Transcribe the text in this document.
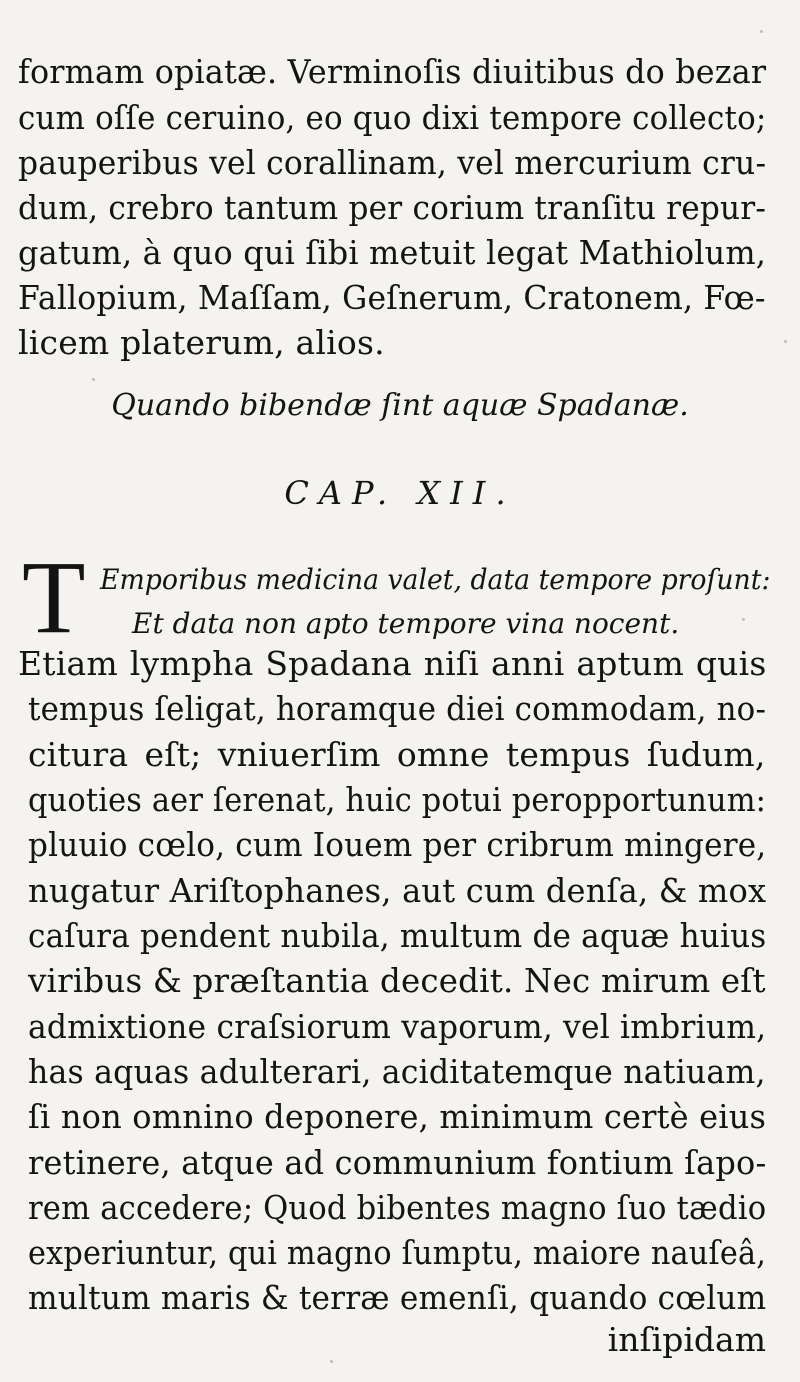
formam opiatæ. Verminoſis diuitibus do bezar
cum oſſe ceruino, eo quo dixi tempore collecto;
pauperibus vel corallinam, vel mercurium cru-
dum, crebro tantum per corium tranſitu repur-
gatum, à quo qui ſibi metuit legat Mathiolum,
Fallopium, Maſſam, Geſnerum, Cratonem, Fœ-
licem platerum, alios.
Quando bibendæ ſint aquæ Spadanæ.
CAP. XII.
T Emporibus medicina valet, data tempore proſunt:
Et data non apto tempore vina nocent.
Etiam lympha Spadana niſi anni aptum quis
tempus ſeligat, horamque diei commodam, no-
citura eſt; vniuerſim omne tempus ſudum,
quoties aer ſerenat, huic potui peropportunum:
pluuio cœlo, cum Iouem per cribrum mingere,
nugatur Ariſtophanes, aut cum denſa, & mox
caſura pendent nubila, multum de aquæ huius
viribus & præſtantia decedit. Nec mirum eſt
admixtione craſsiorum vaporum, vel imbrium,
has aquas adulterari, aciditatemque natiuam,
ſi non omnino deponere, minimum certè eius
retinere, atque ad communium fontium ſapo-
rem accedere; Quod bibentes magno ſuo tædio
experiuntur, qui magno ſumptu, maiore nauſeâ,
multum maris & terræ emenſi, quando cœlum
inſipidam
